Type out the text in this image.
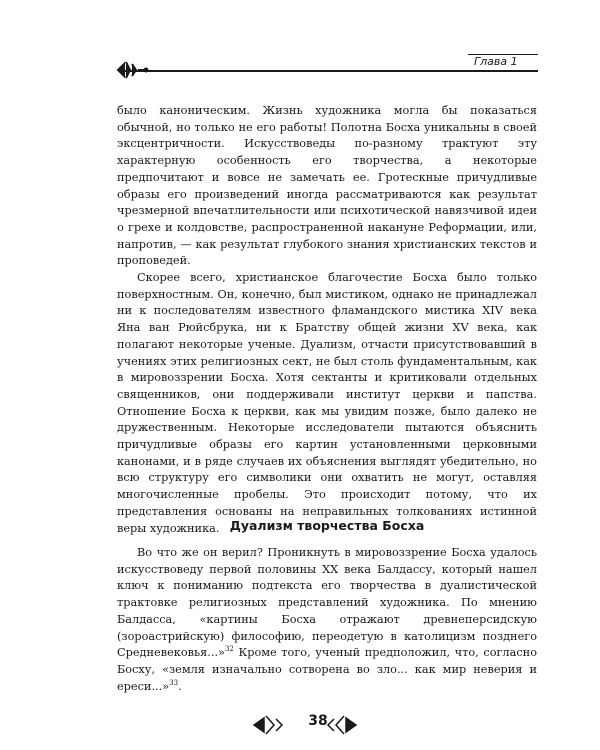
Глава 1

было каноническим. Жизнь художника могла бы показаться обычной, но только не его работы! Полотна Босха уникальны в своей эксцентричности. Искусствоведы по-разному трактуют эту характерную особенность его творчества, а некоторые предпочитают и вовсе не замечать ее. Гротескные причудливые образы его произведений иногда рассматриваются как результат чрезмерной впечатлительности или психотической навязчивой идеи о грехе и колдовстве, распространенной накануне Реформации, или, напротив, — как результат глубокого знания христианских текстов и проповедей.

Скорее всего, христианское благочестие Босха было только поверхностным. Он, конечно, был мистиком, однако не принадлежал ни к последователям известного фламандского мистика XIV века Яна ван Рюйсбрука, ни к Братству общей жизни XV века, как полагают некоторые ученые. Дуализм, отчасти присутствовавший в учениях этих религиозных сект, не был столь фундаментальным, как в мировоззрении Босха. Хотя сектанты и критиковали отдельных священников, они поддерживали институт церкви и папства. Отношение Босха к церкви, как мы увидим позже, было далеко не дружественным. Некоторые исследователи пытаются объяснить причудливые образы его картин установленными церковными канонами, и в ряде случаев их объяснения выглядят убедительно, но всю структуру его символики они охватить не могут, оставляя многочисленные пробелы. Это происходит потому, что их представления основаны на неправильных толкованиях истинной веры художника. Дуализм творчества Босха

Во что же он верил? Проникнуть в мировоззрение Босха удалось искусствоведу первой половины XX века Балдассу, который нашел ключ к пониманию подтекста его творчества в дуалистической трактовке религиозных представлений художника. По мнению Балдасса, «картины Босха отражают древнеперсидскую (зороастрийскую) философию, переодетую в католицизм позднего Средневековья...»$^{32}$ Кроме того, ученый предположил, что, согласно Босху, «земля изначально сотворена во зло... как мир неверия и ереси...»$^{33}$.

38
